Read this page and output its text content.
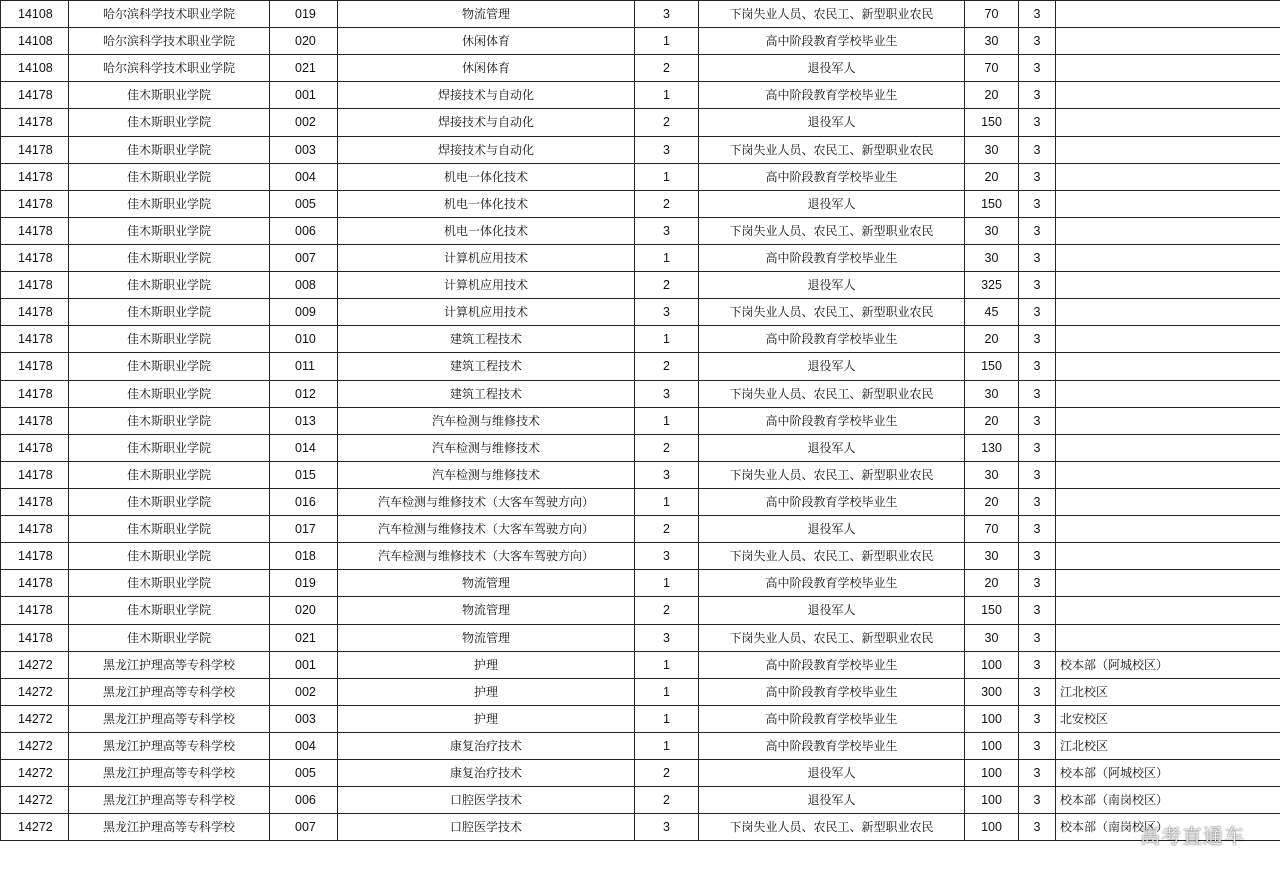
14108	哈尔滨科学技术职业学院	019	物流管理	3	下岗失业人员、农民工、新型职业农民	70	3	
14108	哈尔滨科学技术职业学院	020	休闲体育	1	高中阶段教育学校毕业生	30	3	
14108	哈尔滨科学技术职业学院	021	休闲体育	2	退役军人	70	3	
14178	佳木斯职业学院	001	焊接技术与自动化	1	高中阶段教育学校毕业生	20	3	
14178	佳木斯职业学院	002	焊接技术与自动化	2	退役军人	150	3	
14178	佳木斯职业学院	003	焊接技术与自动化	3	下岗失业人员、农民工、新型职业农民	30	3	
14178	佳木斯职业学院	004	机电一体化技术	1	高中阶段教育学校毕业生	20	3	
14178	佳木斯职业学院	005	机电一体化技术	2	退役军人	150	3	
14178	佳木斯职业学院	006	机电一体化技术	3	下岗失业人员、农民工、新型职业农民	30	3	
14178	佳木斯职业学院	007	计算机应用技术	1	高中阶段教育学校毕业生	30	3	
14178	佳木斯职业学院	008	计算机应用技术	2	退役军人	325	3	
14178	佳木斯职业学院	009	计算机应用技术	3	下岗失业人员、农民工、新型职业农民	45	3	
14178	佳木斯职业学院	010	建筑工程技术	1	高中阶段教育学校毕业生	20	3	
14178	佳木斯职业学院	011	建筑工程技术	2	退役军人	150	3	
14178	佳木斯职业学院	012	建筑工程技术	3	下岗失业人员、农民工、新型职业农民	30	3	
14178	佳木斯职业学院	013	汽车检测与维修技术	1	高中阶段教育学校毕业生	20	3	
14178	佳木斯职业学院	014	汽车检测与维修技术	2	退役军人	130	3	
14178	佳木斯职业学院	015	汽车检测与维修技术	3	下岗失业人员、农民工、新型职业农民	30	3	
14178	佳木斯职业学院	016	汽车检测与维修技术（大客车驾驶方向）	1	高中阶段教育学校毕业生	20	3	
14178	佳木斯职业学院	017	汽车检测与维修技术（大客车驾驶方向）	2	退役军人	70	3	
14178	佳木斯职业学院	018	汽车检测与维修技术（大客车驾驶方向）	3	下岗失业人员、农民工、新型职业农民	30	3	
14178	佳木斯职业学院	019	物流管理	1	高中阶段教育学校毕业生	20	3	
14178	佳木斯职业学院	020	物流管理	2	退役军人	150	3	
14178	佳木斯职业学院	021	物流管理	3	下岗失业人员、农民工、新型职业农民	30	3	
14272	黑龙江护理高等专科学校	001	护理	1	高中阶段教育学校毕业生	100	3	校本部（阿城校区）
14272	黑龙江护理高等专科学校	002	护理	1	高中阶段教育学校毕业生	300	3	江北校区
14272	黑龙江护理高等专科学校	003	护理	1	高中阶段教育学校毕业生	100	3	北安校区
14272	黑龙江护理高等专科学校	004	康复治疗技术	1	高中阶段教育学校毕业生	100	3	江北校区
14272	黑龙江护理高等专科学校	005	康复治疗技术	2	退役军人	100	3	校本部（阿城校区）
14272	黑龙江护理高等专科学校	006	口腔医学技术	2	退役军人	100	3	校本部（南岗校区）
14272	黑龙江护理高等专科学校	007	口腔医学技术	3	下岗失业人员、农民工、新型职业农民	100	3	校本部（南岗校区）
高考直通车
